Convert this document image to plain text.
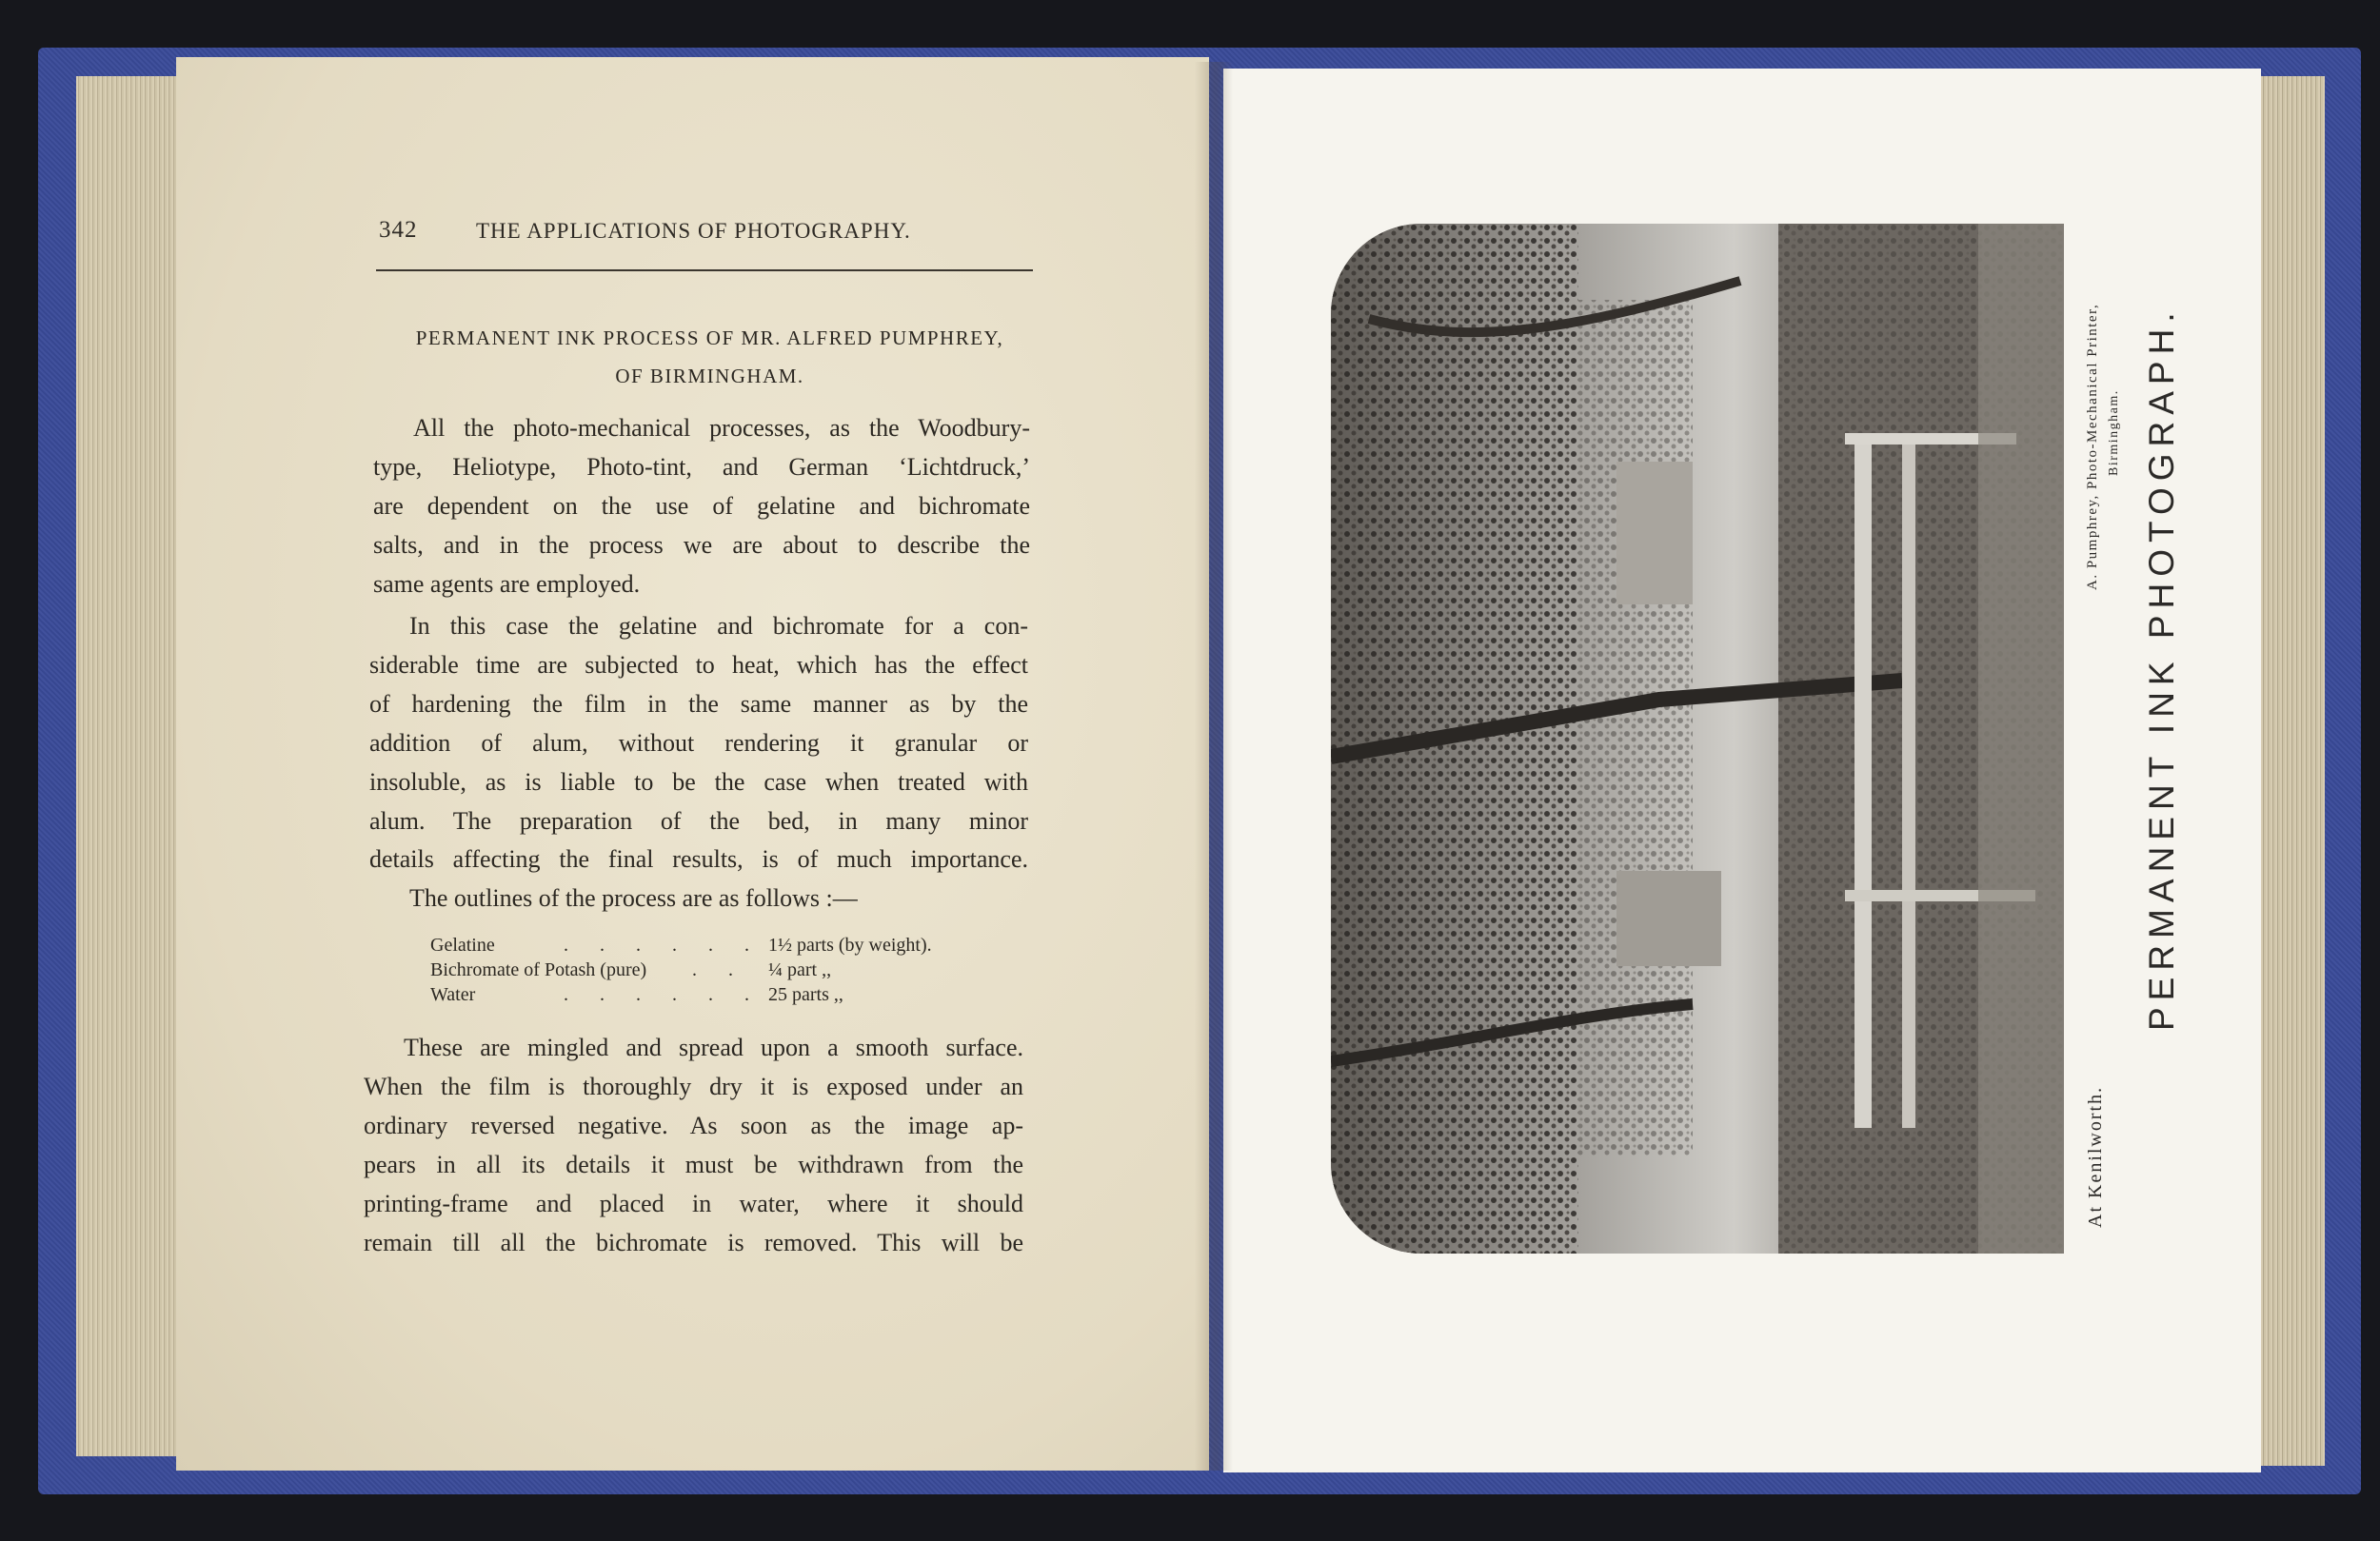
342	THE APPLICATIONS OF PHOTOGRAPHY.
PERMANENT INK PROCESS OF MR. ALFRED PUMPHREY,
OF BIRMINGHAM.
All the photo-mechanical processes, as the Woodbury-
type, Heliotype, Photo-tint, and German ‘Lichtdruck,’
are dependent on the use of gelatine and bichromate
salts, and in the process we are about to describe the
same agents are employed.
In this case the gelatine and bichromate for a con-
siderable time are subjected to heat, which has the effect
of hardening the film in the same manner as by the
addition of alum, without rendering it granular or
insoluble, as is liable to be the case when treated with
alum. The preparation of the bed, in many minor
details affecting the final results, is of much importance.
The outlines of the process are as follows :—
Gelatine	. . . . . . 1½ parts (by weight).
Bichromate of Potash (pure) . . ¼ part ,,
Water	. . . . . . 25 parts ,,
These are mingled and spread upon a smooth surface.
When the film is thoroughly dry it is exposed under an
ordinary reversed negative. As soon as the image ap-
pears in all its details it must be withdrawn from the
printing-frame and placed in water, where it should
remain till all the bichromate is removed. This will be
PERMANENT INK PHOTOGRAPH.
At Kenilworth.
A. Pumphrey, Photo-Mechanical Printer, Birmingham.
